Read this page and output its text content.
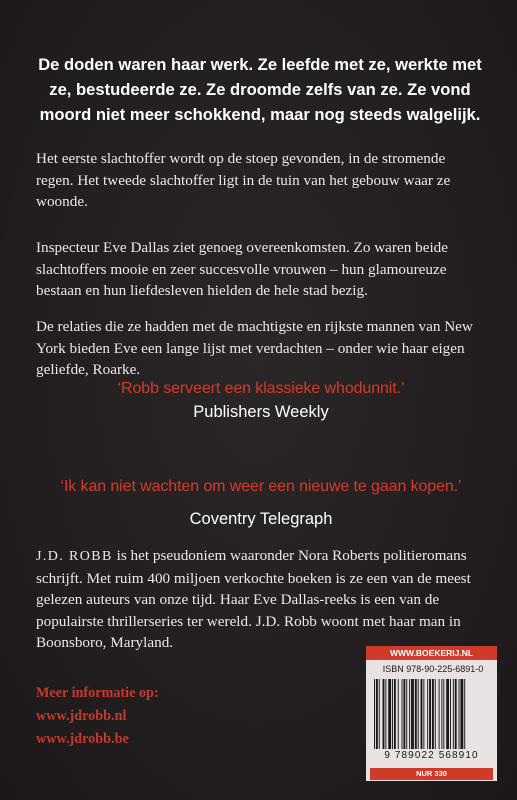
De doden waren haar werk. Ze leefde met ze, werkte met ze, bestudeerde ze. Ze droomde zelfs van ze. Ze vond moord niet meer schokkend, maar nog steeds walgelijk.

Het eerste slachtoffer wordt op de stoep gevonden, in de stromende regen. Het tweede slachtoffer ligt in de tuin van het gebouw waar ze woonde.

Inspecteur Eve Dallas ziet genoeg overeenkomsten. Zo waren beide slachtoffers mooie en zeer succesvolle vrouwen – hun glamoureuze bestaan en hun liefdesleven hielden de hele stad bezig.

De relaties die ze hadden met de machtigste en rijkste mannen van New York bieden Eve een lange lijst met verdachten – onder wie haar eigen geliefde, Roarke.

‘Robb serveert een klassieke whodunnit.’

Publishers Weekly

‘Ik kan niet wachten om weer een nieuwe te gaan kopen.’

Coventry Telegraph

J.D. ROBB is het pseudoniem waaronder Nora Roberts politieromans schrijft. Met ruim 400 miljoen verkochte boeken is ze een van de meest gelezen auteurs van onze tijd. Haar Eve Dallas-reeks is een van de populairste thrillerseries ter wereld. J.D. Robb woont met haar man in Boonsboro, Maryland.

Meer informatie op:

www.jdrobb.nl

www.jdrobb.be

WWW.BOEKERIJ.NL
ISBN 978-90-225-6891-0
9 789022 568910
NUR 330
